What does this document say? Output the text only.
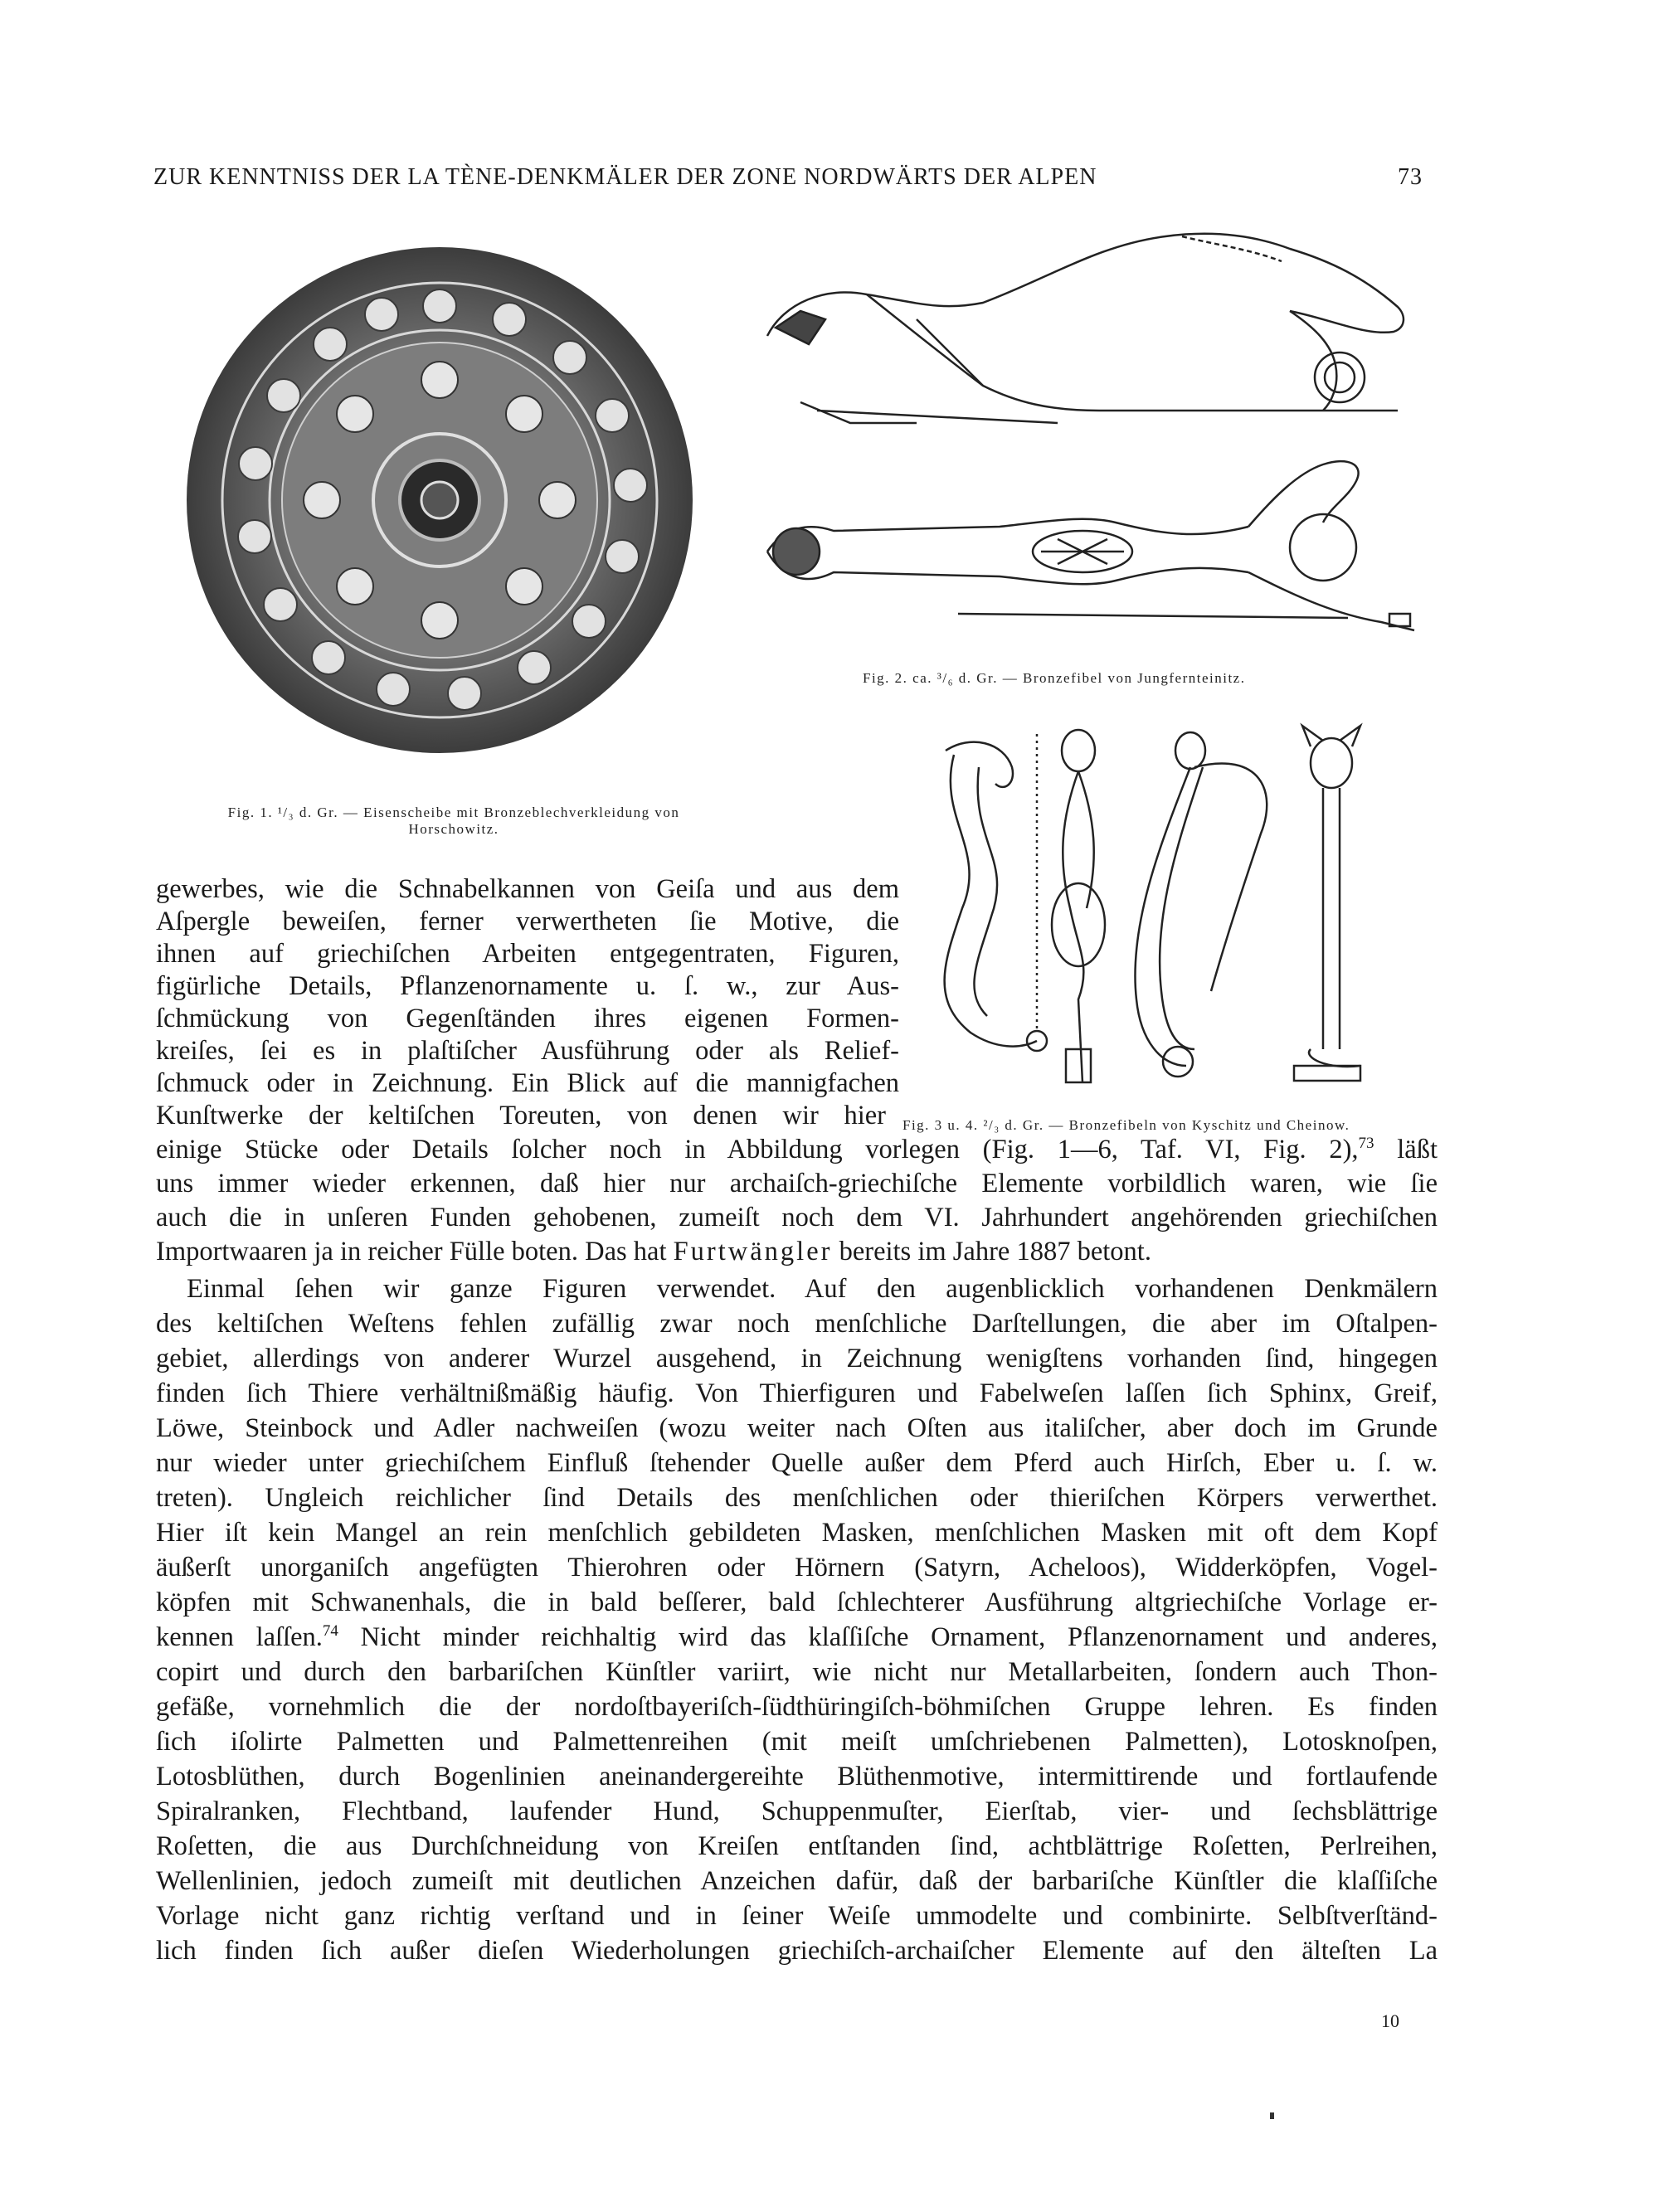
ZUR KENNTNISS DER LA TÈNE-DENKMÄLER DER ZONE NORDWÄRTS DER ALPEN	73
Fig. 1. ¹/₃ d. Gr. — Eisenscheibe mit Bronzeblechverkleidung von
Horschowitz.
Fig. 2. ca. ³/₆ d. Gr. — Bronzefibel von Jungfernteinitz.
Fig. 3 u. 4. ²/₃ d. Gr. — Bronzefibeln von Kyschitz und Cheinow.
gewerbes, wie die Schnabelkannen von Geiſa und aus dem
Aſpergle beweiſen, ferner verwertheten ſie Motive, die
ihnen auf griechiſchen Arbeiten entgegentraten, Figuren,
figürliche Details, Pflanzenornamente u. ſ. w., zur Aus-
ſchmückung von Gegenſtänden ihres eigenen Formen-
kreiſes, ſei es in plaſtiſcher Ausführung oder als Relief-
ſchmuck oder in Zeichnung. Ein Blick auf die mannigfachen
Kunſtwerke der keltiſchen Toreuten, von denen wir hier
einige Stücke oder Details ſolcher noch in Abbildung vorlegen (Fig. 1—6, Taf. VI, Fig. 2),$^{73}$ läßt
uns immer wieder erkennen, daß hier nur archaiſch-griechiſche Elemente vorbildlich waren, wie ſie
auch die in unſeren Funden gehobenen, zumeiſt noch dem VI. Jahrhundert angehörenden griechiſchen
Importwaaren ja in reicher Fülle boten. Das hat Furtwängler bereits im Jahre 1887 betont.
Einmal ſehen wir ganze Figuren verwendet. Auf den augenblicklich vorhandenen Denkmälern
des keltiſchen Weſtens fehlen zufällig zwar noch menſchliche Darſtellungen, die aber im Oſtalpen-
gebiet, allerdings von anderer Wurzel ausgehend, in Zeichnung wenigſtens vorhanden ſind, hingegen
finden ſich Thiere verhältnißmäßig häufig. Von Thierfiguren und Fabelweſen laſſen ſich Sphinx, Greif,
Löwe, Steinbock und Adler nachweiſen (wozu weiter nach Oſten aus italiſcher, aber doch im Grunde
nur wieder unter griechiſchem Einfluß ſtehender Quelle außer dem Pferd auch Hirſch, Eber u. ſ. w.
treten). Ungleich reichlicher ſind Details des menſchlichen oder thieriſchen Körpers verwerthet.
Hier iſt kein Mangel an rein menſchlich gebildeten Masken, menſchlichen Masken mit oft dem Kopf
äußerſt unorganiſch angefügten Thierohren oder Hörnern (Satyrn, Acheloos), Widderköpfen, Vogel-
köpfen mit Schwanenhals, die in bald beſſerer, bald ſchlechterer Ausführung altgriechiſche Vorlage er-
kennen laſſen.$^{74}$ Nicht minder reichhaltig wird das klaſſiſche Ornament, Pflanzenornament und anderes,
copirt und durch den barbariſchen Künſtler variirt, wie nicht nur Metallarbeiten, ſondern auch Thon-
gefäße, vornehmlich die der nordoſtbayeriſch-ſüdthüringiſch-böhmiſchen Gruppe lehren. Es finden
ſich iſolirte Palmetten und Palmettenreihen (mit meiſt umſchriebenen Palmetten), Lotosknoſpen,
Lotosblüthen, durch Bogenlinien aneinandergereihte Blüthenmotive, intermittirende und fortlaufende
Spiralranken, Flechtband, laufender Hund, Schuppenmuſter, Eierſtab, vier- und ſechsblättrige
Roſetten, die aus Durchſchneidung von Kreiſen entſtanden ſind, achtblättrige Roſetten, Perlreihen,
Wellenlinien, jedoch zumeiſt mit deutlichen Anzeichen dafür, daß der barbariſche Künſtler die klaſſiſche
Vorlage nicht ganz richtig verſtand und in ſeiner Weiſe ummodelte und combinirte. Selbſtverſtänd-
lich finden ſich außer dieſen Wiederholungen griechiſch-archaiſcher Elemente auf den älteſten La
10
